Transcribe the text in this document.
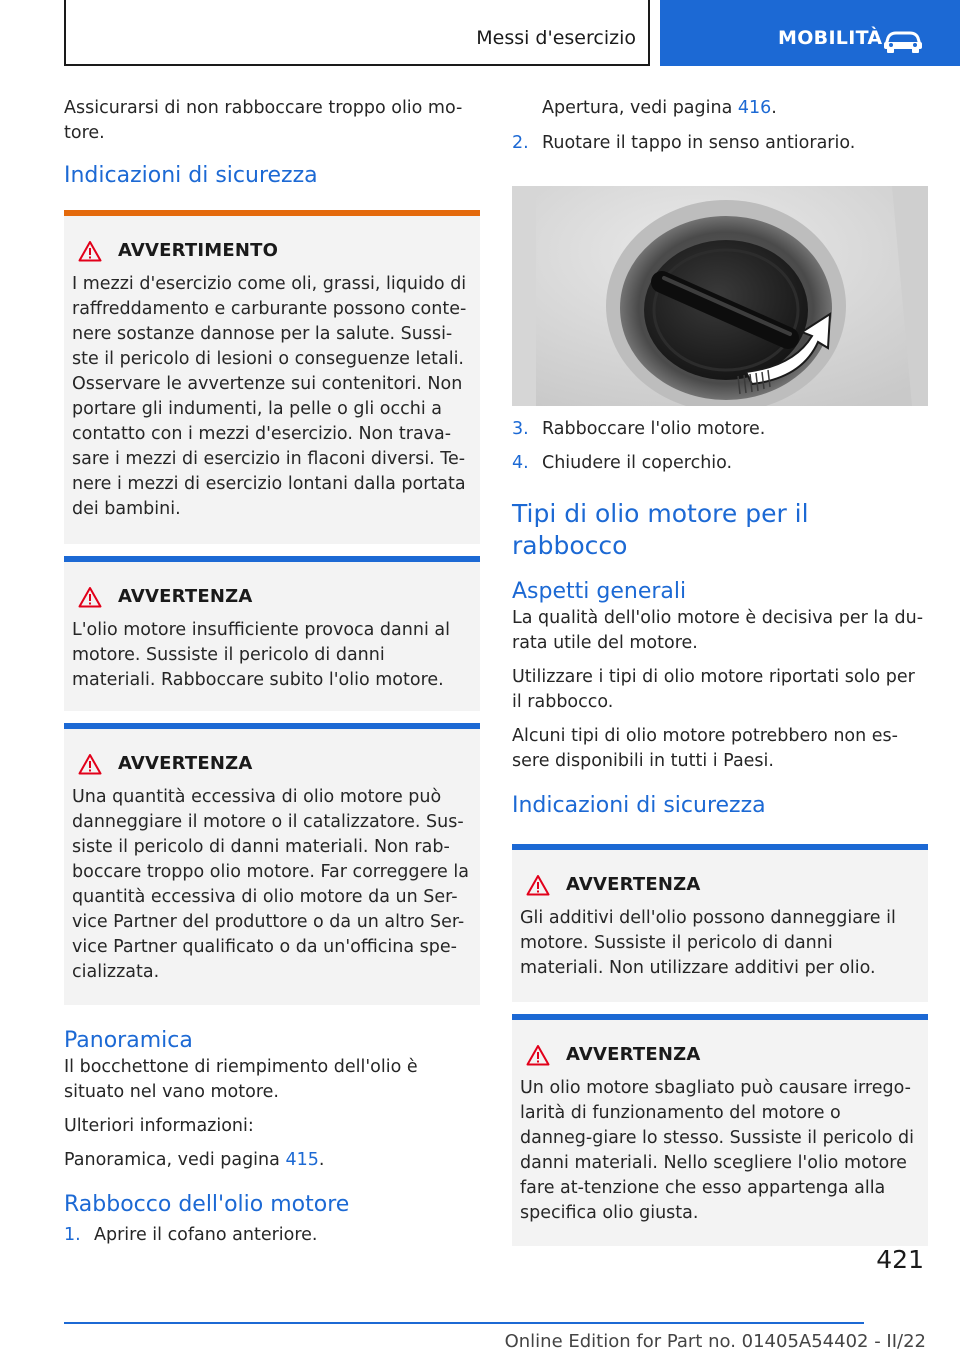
Messi d'esercizio	MOBILITÀ

Assicurarsi di non rabboccare troppo olio mo-tore.

Indicazioni di sicurezza
AVVERTIMENTO
I mezzi d'esercizio come oli, grassi, liquido di raffreddamento e carburante possono conte-nere sostanze dannose per la salute. Sussi-ste il pericolo di lesioni o conseguenze letali. Osservare le avvertenze sui contenitori. Non portare gli indumenti, la pelle o gli occhi a contatto con i mezzi d'esercizio. Non trava-sare i mezzi di esercizio in flaconi diversi. Te-nere i mezzi di esercizio lontani dalla portata dei bambini.
AVVERTENZA
L'olio motore insufficiente provoca danni al motore. Sussiste il pericolo di danni materiali. Rabboccare subito l'olio motore.
AVVERTENZA
Una quantità eccessiva di olio motore può danneggiare il motore o il catalizzatore. Sus-siste il pericolo di danni materiali. Non rab-boccare troppo olio motore. Far correggere la quantità eccessiva di olio motore da un Ser-vice Partner del produttore o da un altro Ser-vice Partner qualificato o da un'officina spe-cializzata.
Panoramica

Il bocchettone di riempimento dell'olio è situato nel vano motore.

Ulteriori informazioni:

Panoramica, vedi pagina 415.

Rabbocco dell'olio motore
1. Aprire il cofano anteriore.

Apertura, vedi pagina 416.

2. Ruotare il tappo in senso antiorario.
3. Rabboccare l'olio motore.
4. Chiudere il coperchio.
Tipi di olio motore per il rabbocco
Aspetti generali

La qualità dell'olio motore è decisiva per la du-rata utile del motore.

Utilizzare i tipi di olio motore riportati solo per il rabbocco.

Alcuni tipi di olio motore potrebbero non es-sere disponibili in tutti i Paesi.

Indicazioni di sicurezza
AVVERTENZA
Gli additivi dell'olio possono danneggiare il motore. Sussiste il pericolo di danni materiali. Non utilizzare additivi per olio.
AVVERTENZA
Un olio motore sbagliato può causare irrego-larità di funzionamento del motore o danneg-giare lo stesso. Sussiste il pericolo di danni materiali. Nello scegliere l'olio motore fare at-tenzione che esso appartenga alla specifica olio giusta.
421
Online Edition for Part no. 01405A54402 - II/22
